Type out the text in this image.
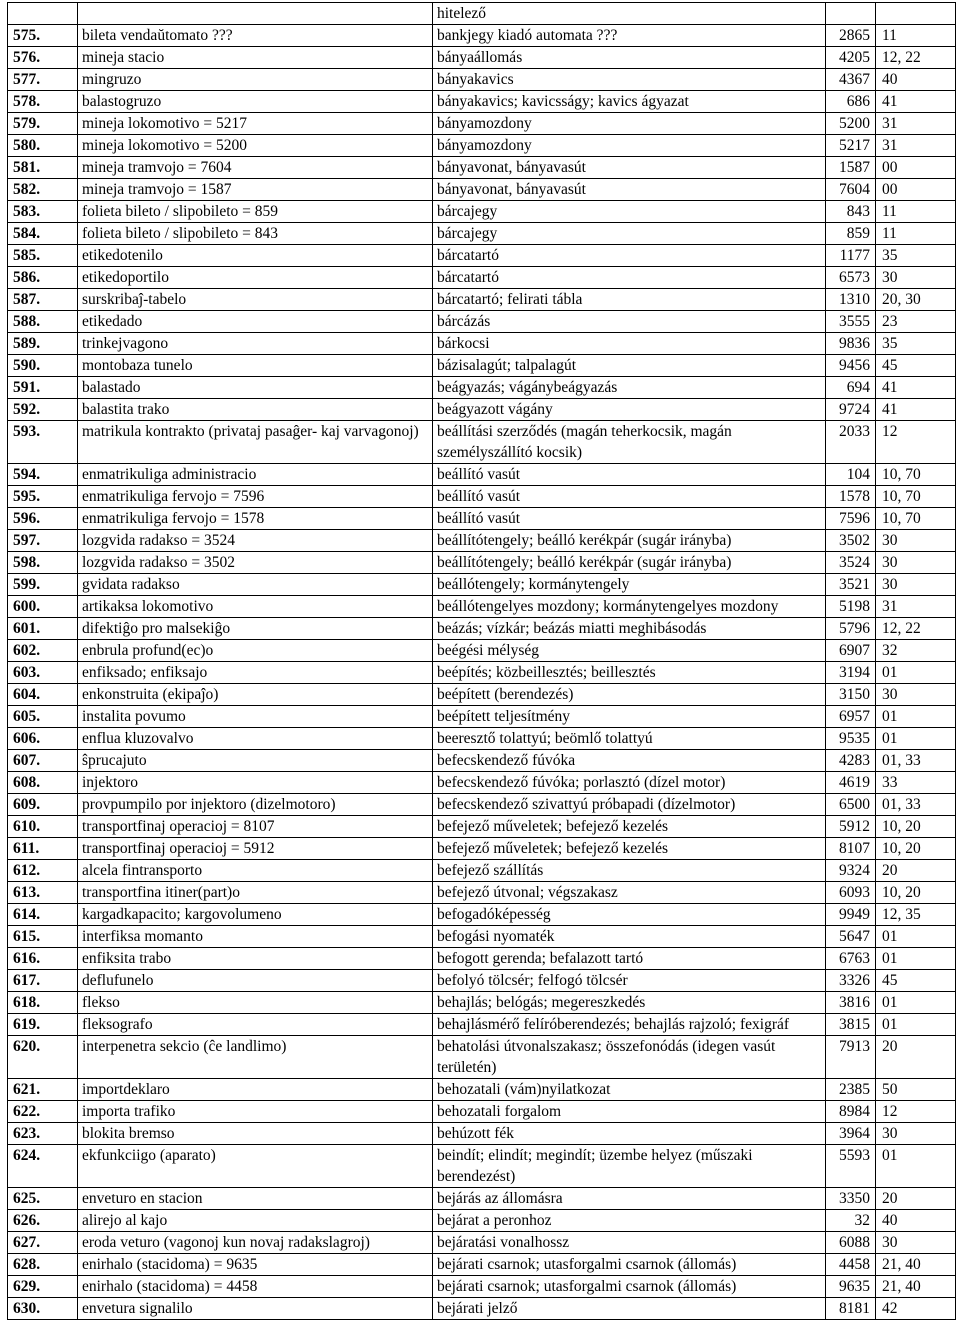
		hitelező		
575.	bileta vendaŭtomato ???	bankjegy kiadó automata ???	2865	11
576.	mineja stacio	bányaállomás	4205	12, 22
577.	mingruzo	bányakavics	4367	40
578.	balastogruzo	bányakavics; kavicsságy; kavics ágyazat	686	41
579.	mineja lokomotivo = 5217	bányamozdony	5200	31
580.	mineja lokomotivo = 5200	bányamozdony	5217	31
581.	mineja tramvojo = 7604	bányavonat, bányavasút	1587	00
582.	mineja tramvojo = 1587	bányavonat, bányavasút	7604	00
583.	folieta bileto / slipobileto = 859	bárcajegy	843	11
584.	folieta bileto / slipobileto = 843	bárcajegy	859	11
585.	etikedotenilo	bárcatartó	1177	35
586.	etikedoportilo	bárcatartó	6573	30
587.	surskribaĵ-tabelo	bárcatartó; felirati tábla	1310	20, 30
588.	etikedado	bárcázás	3555	23
589.	trinkejvagono	bárkocsi	9836	35
590.	montobaza tunelo	bázisalagút; talpalagút	9456	45
591.	balastado	beágyazás; vágánybeágyazás	694	41
592.	balastita trako	beágyazott vágány	9724	41
593.	matrikula kontrakto (privataj pasaĝer- kaj varvagonoj)	beállítási szerződés (magán teherkocsik, magán személyszállító kocsik)	2033	12
594.	enmatrikuliga administracio	beállító vasút	104	10, 70
595.	enmatrikuliga fervojo = 7596	beállító vasút	1578	10, 70
596.	enmatrikuliga fervojo = 1578	beállító vasút	7596	10, 70
597.	lozgvida radakso = 3524	beállítótengely; beálló kerékpár (sugár irányba)	3502	30
598.	lozgvida radakso = 3502	beállítótengely; beálló kerékpár (sugár irányba)	3524	30
599.	gvidata radakso	beállótengely; kormánytengely	3521	30
600.	artikaksa lokomotivo	beállótengelyes mozdony; kormánytengelyes mozdony	5198	31
601.	difektiĝo pro malsekiĝo	beázás; vízkár; beázás miatti meghibásodás	5796	12, 22
602.	enbrula profund(ec)o	beégési mélység	6907	32
603.	enfiksado; enfiksajo	beépítés; közbeillesztés; beillesztés	3194	01
604.	enkonstruita (ekipaĵo)	beépített (berendezés)	3150	30
605.	instalita povumo	beépített teljesítmény	6957	01
606.	enflua kluzovalvo	beeresztő tolattyú; beömlő tolattyú	9535	01
607.	ŝprucajuto	befecskendező fúvóka	4283	01, 33
608.	injektoro	befecskendező fúvóka; porlasztó (dízel motor)	4619	33
609.	provpumpilo por injektoro (dizelmotoro)	befecskendező szivattyú próbapadi (dízelmotor)	6500	01, 33
610.	transportfinaj operacioj = 8107	befejező műveletek; befejező kezelés	5912	10, 20
611.	transportfinaj operacioj = 5912	befejező műveletek; befejező kezelés	8107	10, 20
612.	alcela fintransporto	befejező szállítás	9324	20
613.	transportfina itiner(part)o	befejező útvonal; végszakasz	6093	10, 20
614.	kargadkapacito; kargovolumeno	befogadóképesség	9949	12, 35
615.	interfiksa momanto	befogási nyomaték	5647	01
616.	enfiksita trabo	befogott gerenda; befalazott tartó	6763	01
617.	deflufunelo	befolyó tölcsér; felfogó tölcsér	3326	45
618.	flekso	behajlás; belógás; megereszkedés	3816	01
619.	fleksografo	behajlásmérő felíróberendezés; behajlás rajzoló; fexigráf	3815	01
620.	interpenetra sekcio (ĉe landlimo)	behatolási útvonalszakasz; összefonódás (idegen vasút területén)	7913	20
621.	importdeklaro	behozatali (vám)nyilatkozat	2385	50
622.	importa trafiko	behozatali forgalom	8984	12
623.	blokita bremso	behúzott fék	3964	30
624.	ekfunkciigo (aparato)	beindít; elindít; megindít; üzembe helyez (műszaki berendezést)	5593	01
625.	enveturo en stacion	bejárás az állomásra	3350	20
626.	alirejo al kajo	bejárat a peronhoz	32	40
627.	eroda veturo (vagonoj kun novaj radakslagroj)	bejáratási vonalhossz	6088	30
628.	enirhalo (stacidoma) = 9635	bejárati csarnok; utasforgalmi csarnok (állomás)	4458	21, 40
629.	enirhalo (stacidoma) = 4458	bejárati csarnok; utasforgalmi csarnok (állomás)	9635	21, 40
630.	envetura signalilo	bejárati jelző	8181	42
